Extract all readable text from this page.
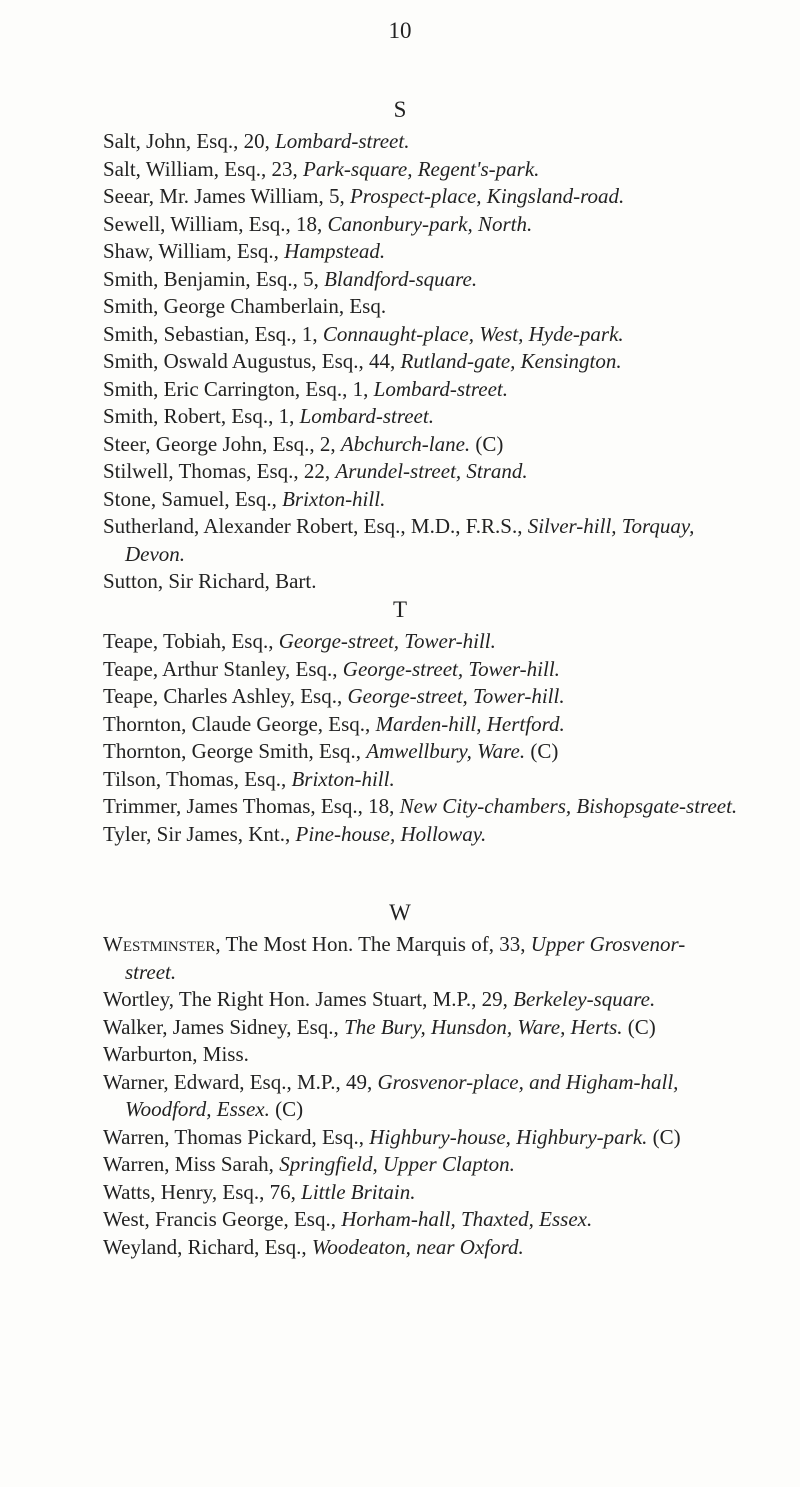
10
S
Salt, John, Esq., 20, Lombard-street.
Salt, William, Esq., 23, Park-square, Regent's-park.
Seear, Mr. James William, 5, Prospect-place, Kingsland-road.
Sewell, William, Esq., 18, Canonbury-park, North.
Shaw, William, Esq., Hampstead.
Smith, Benjamin, Esq., 5, Blandford-square.
Smith, George Chamberlain, Esq.
Smith, Sebastian, Esq., 1, Connaught-place, West, Hyde-park.
Smith, Oswald Augustus, Esq., 44, Rutland-gate, Kensington.
Smith, Eric Carrington, Esq., 1, Lombard-street.
Smith, Robert, Esq., 1, Lombard-street.
Steer, George John, Esq., 2, Abchurch-lane. (C)
Stilwell, Thomas, Esq., 22, Arundel-street, Strand.
Stone, Samuel, Esq., Brixton-hill.
Sutherland, Alexander Robert, Esq., M.D., F.R.S., Silver-hill, Torquay,
Devon.
Sutton, Sir Richard, Bart.
T
Teape, Tobiah, Esq., George-street, Tower-hill.
Teape, Arthur Stanley, Esq., George-street, Tower-hill.
Teape, Charles Ashley, Esq., George-street, Tower-hill.
Thornton, Claude George, Esq., Marden-hill, Hertford.
Thornton, George Smith, Esq., Amwellbury, Ware. (C)
Tilson, Thomas, Esq., Brixton-hill.
Trimmer, James Thomas, Esq., 18, New City-chambers, Bishopsgate-street.
Tyler, Sir James, Knt., Pine-house, Holloway.
W
Westminster, The Most Hon. The Marquis of, 33, Upper Grosvenor-
street.
Wortley, The Right Hon. James Stuart, M.P., 29, Berkeley-square.
Walker, James Sidney, Esq., The Bury, Hunsdon, Ware, Herts. (C)
Warburton, Miss.
Warner, Edward, Esq., M.P., 49, Grosvenor-place, and Higham-hall,
Woodford, Essex. (C)
Warren, Thomas Pickard, Esq., Highbury-house, Highbury-park. (C)
Warren, Miss Sarah, Springfield, Upper Clapton.
Watts, Henry, Esq., 76, Little Britain.
West, Francis George, Esq., Horham-hall, Thaxted, Essex.
Weyland, Richard, Esq., Woodeaton, near Oxford.
